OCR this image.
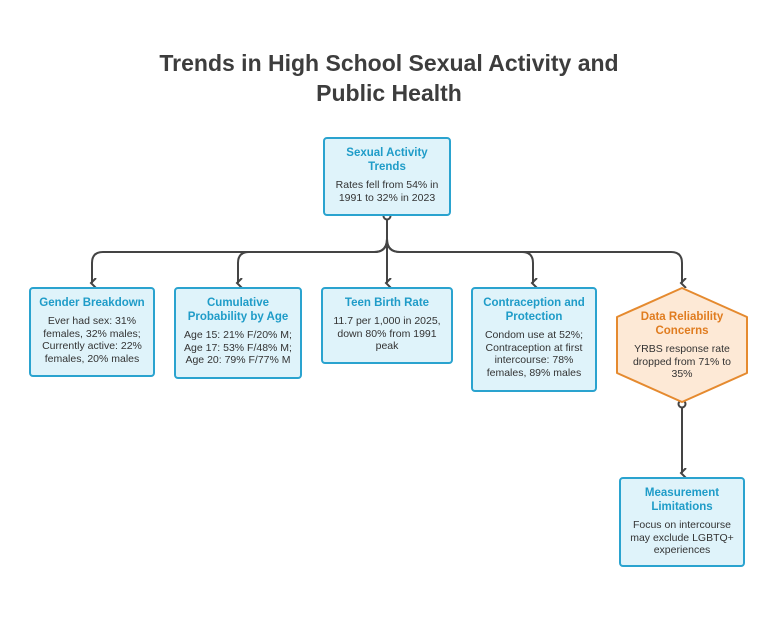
Trends in High School Sexual Activity and
Public Health
Sexual Activity Trends
Rates fell from 54% in 1991 to 32% in 2023
Gender Breakdown
Ever had sex: 31% females, 32% males; Currently active: 22% females, 20% males
Cumulative Probability by Age
Age 15: 21% F/20% M; Age 17: 53% F/48% M; Age 20: 79% F/77% M
Teen Birth Rate
11.7 per 1,000 in 2025, down 80% from 1991 peak
Contraception and Protection
Condom use at 52%; Contraception at first intercourse: 78% females, 89% males
Data Reliability Concerns
YRBS response rate dropped from 71% to 35%
Measurement Limitations
Focus on intercourse may exclude LGBTQ+ experiences
